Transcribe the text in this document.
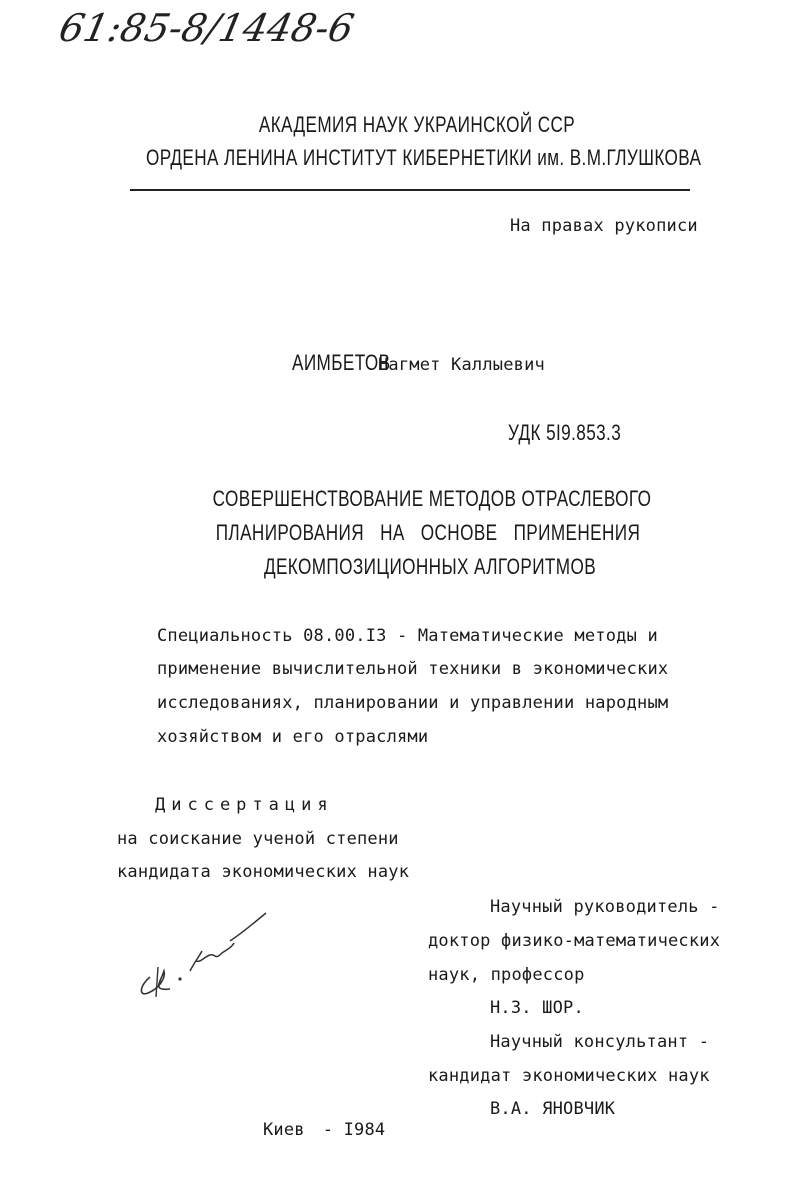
61:85-8/1448-6
АКАДЕМИЯ НАУК УКРАИНСКОЙ ССР
ОРДЕНА ЛЕНИНА ИНСТИТУТ КИБЕРНЕТИКИ им. В.М.ГЛУШКОВА
На правах рукописи
АИМБЕТОВНагмет Каллыевич
УДК 5I9.853.3
СОВЕРШЕНСТВОВАНИЕ МЕТОДОВ ОТРАСЛЕВОГО
ПЛАНИРОВАНИЯ НА ОСНОВЕ ПРИМЕНЕНИЯ
ДЕКОМПОЗИЦИОННЫХ АЛГОРИТМОВ
Специальность 08.00.I3 - Математические методы и
применение вычислительной техники в экономических
исследованиях, планировании и управлении народным
хозяйством и его отраслями
Диссертация
на соискание ученой степени
кандидата экономических наук
Научный руководитель -
доктор физико-математических
наук, профессор
Н.З. ШОР.
Научный консультант -
кандидат экономических наук
В.А. ЯНОВЧИК
Киев - I984
